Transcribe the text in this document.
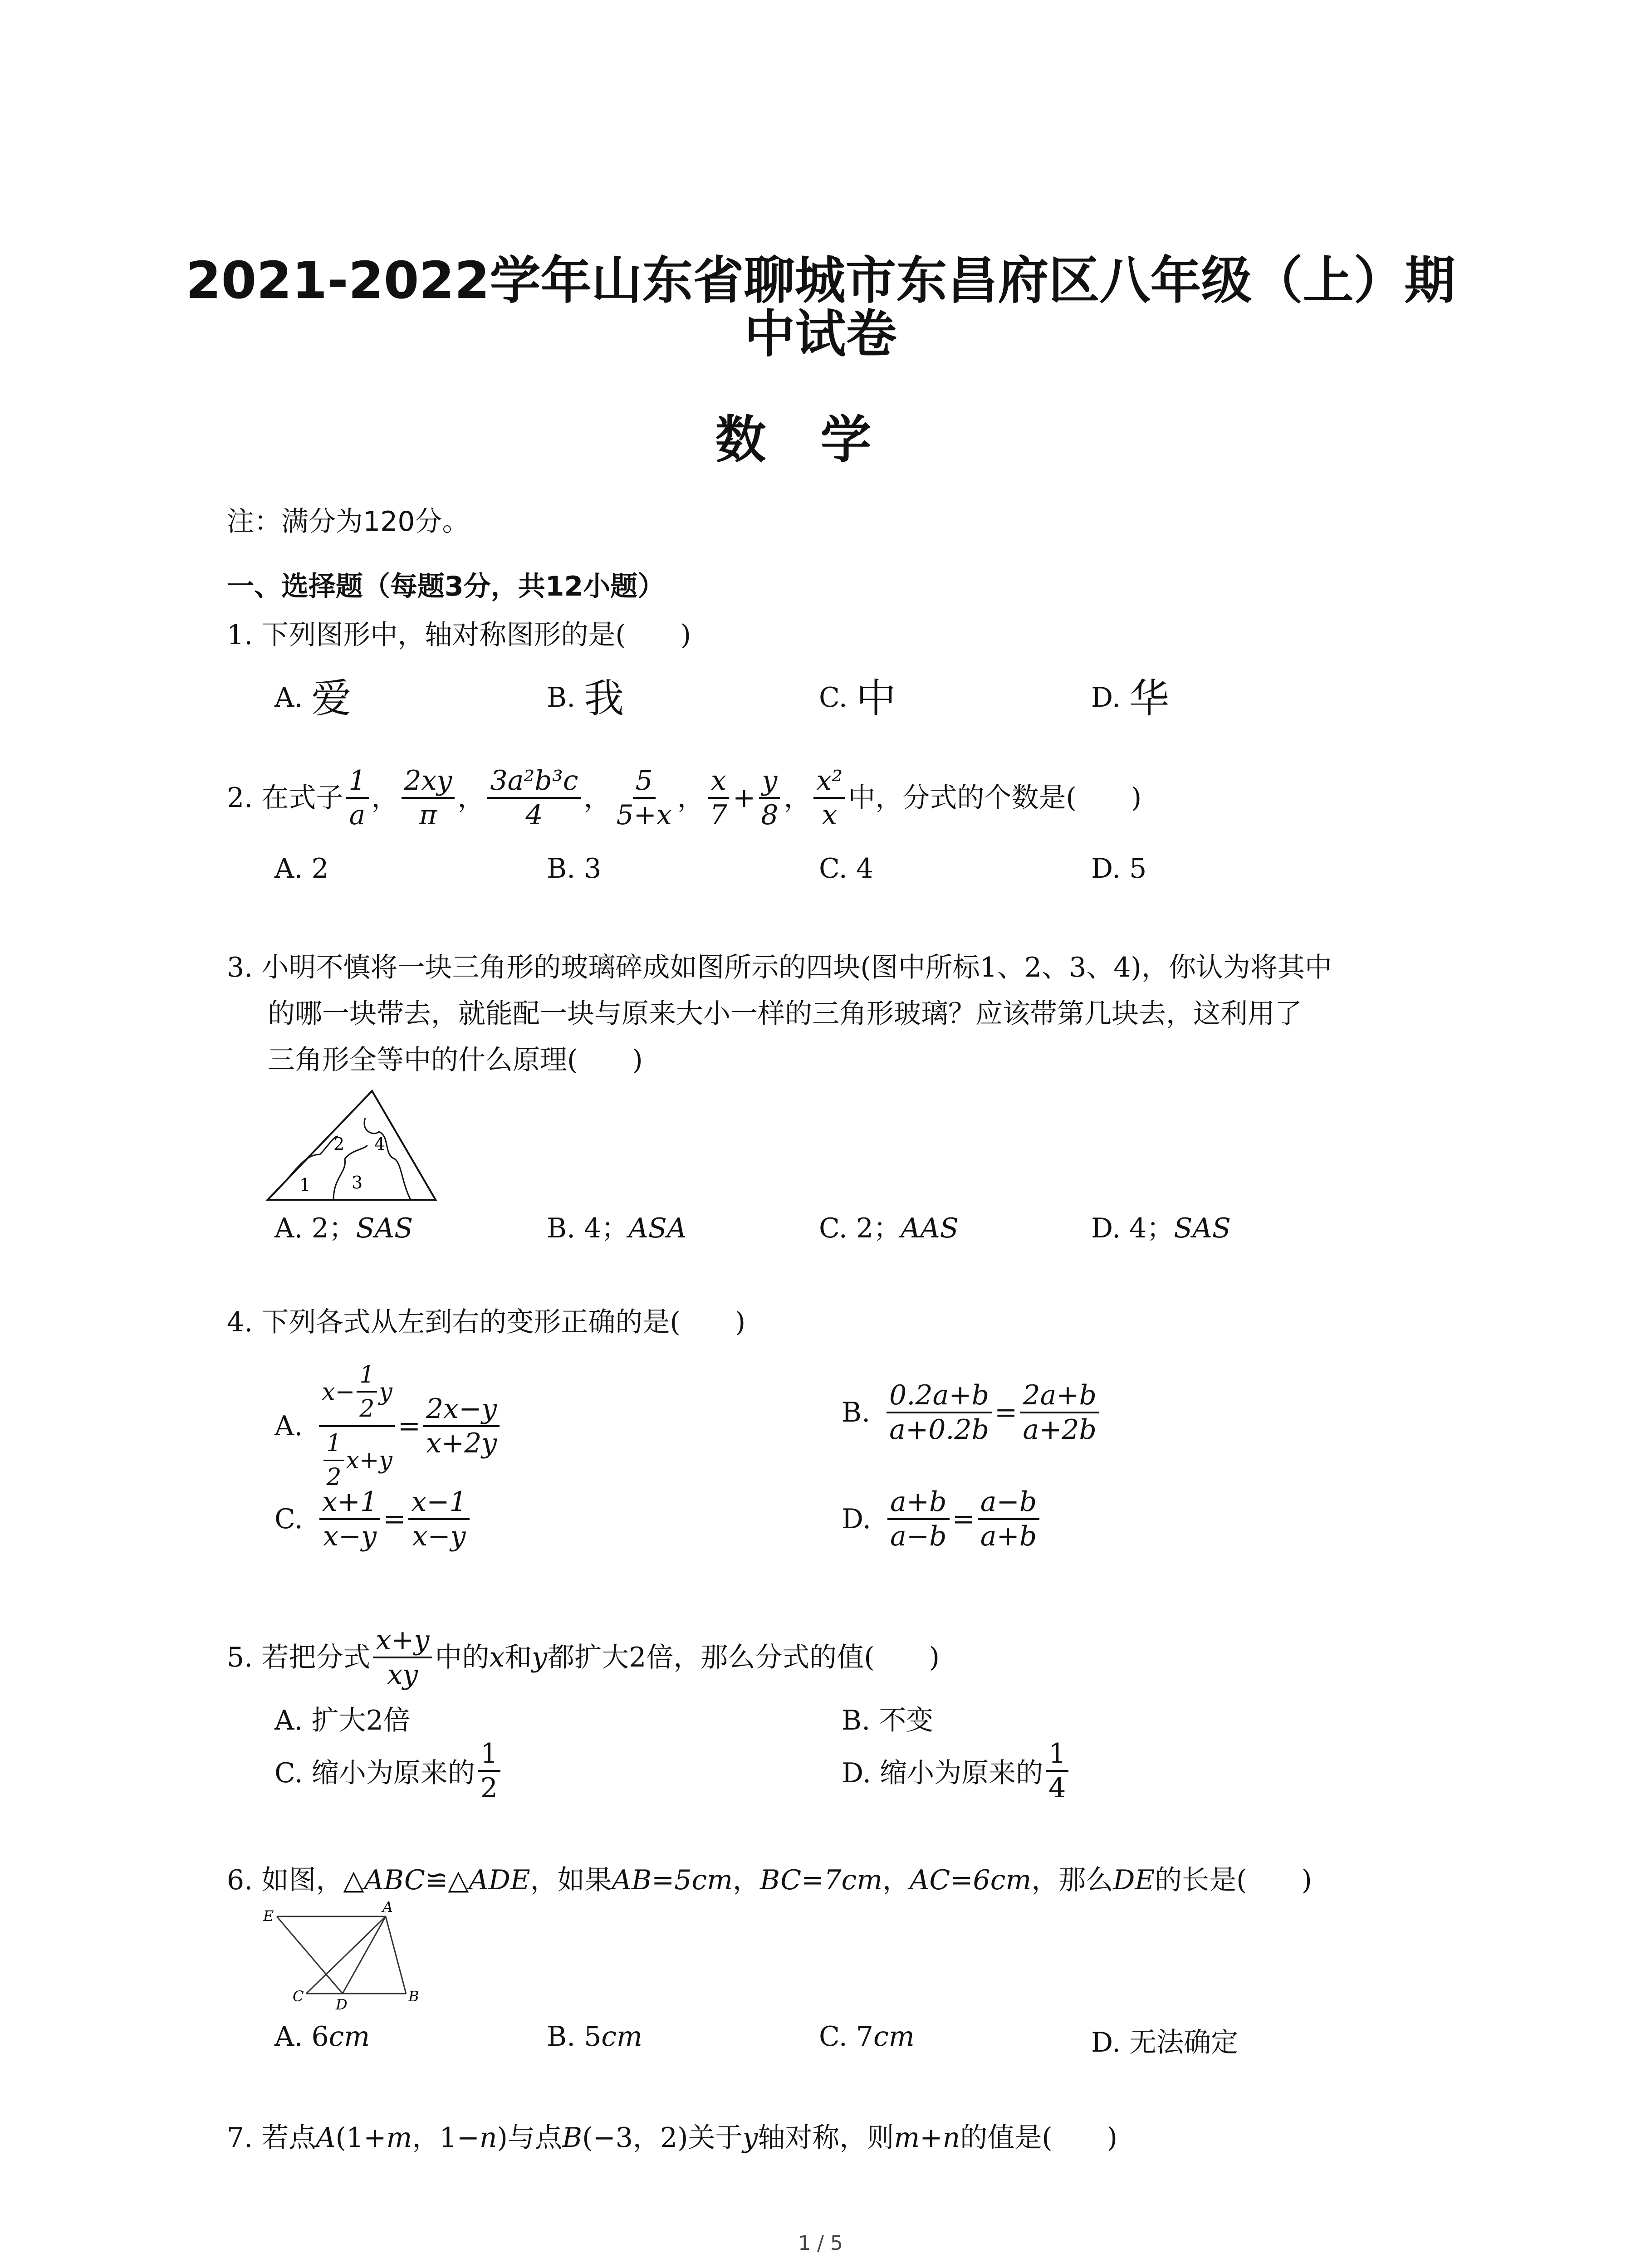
2021-2022学年山东省聊城市东昌府区八年级（上）期
中试卷
数学
注：满分为120分。
一、选择题（每题3分，共12小题）
1. 下列图形中，轴对称图形的是(　　)
A. 爱	B. 我	C. 中	D. 华
2. 在式子 $\frac{1}{a}$ ， $\frac{2xy}{\pi}$ ， $\frac{\text{3a²b³c}}{4}$ ， $\frac{5}{5+x}$ ， $\frac{x}{7} + \frac{y}{8}$ ， $\frac{\text{x²}}{x}$ 中，分式的个数是(　　)
A. 2	B. 3	C. 4	D. 5
3. 小明不慎将一块三角形的玻璃碎成如图所示的四块(图中所标1、2、3、4)，你认为将其中
的哪一块带去，就能配一块与原来大小一样的三角形玻璃？应该带第几块去，这利用了
三角形全等中的什么原理(　　)
1
2
3
4
A. 2；SAS	B. 4；ASA	C. 2；AAS	D. 4；SAS
4. 下列各式从左到右的变形正确的是(　　)
A. $\frac{x- \frac{1}{2} y}{\frac{1}{2} x+y} = \frac{2x-y}{x+2y}$	B. $\frac{0.2a+b}{a+0.2b} = \frac{2a+b}{a+2b}$
C. $\frac{x+1}{x-y} = \frac{x-1}{x-y}$	D. $\frac{a+b}{a-b} = \frac{a-b}{a+b}$
5. 若把分式 $\frac{x+y}{xy}$ 中的 x 和 y 都扩大2倍，那么分式的值(　　)
A. 扩大2倍	B. 不变
C. 缩小为原来的 $\frac{1}{2}$	D. 缩小为原来的 $\frac{1}{4}$
6. 如图，△ABC≌△ADE，如果AB=5cm，BC=7cm，AC=6cm，那么DE的长是(　　)
E
A
C D	B
A. 6cm	B. 5cm	C. 7cm	D. 无法确定
7. 若点A(1+m，1−n)与点B(−3，2)关于y轴对称，则m+n的值是(　　)
1 / 5
